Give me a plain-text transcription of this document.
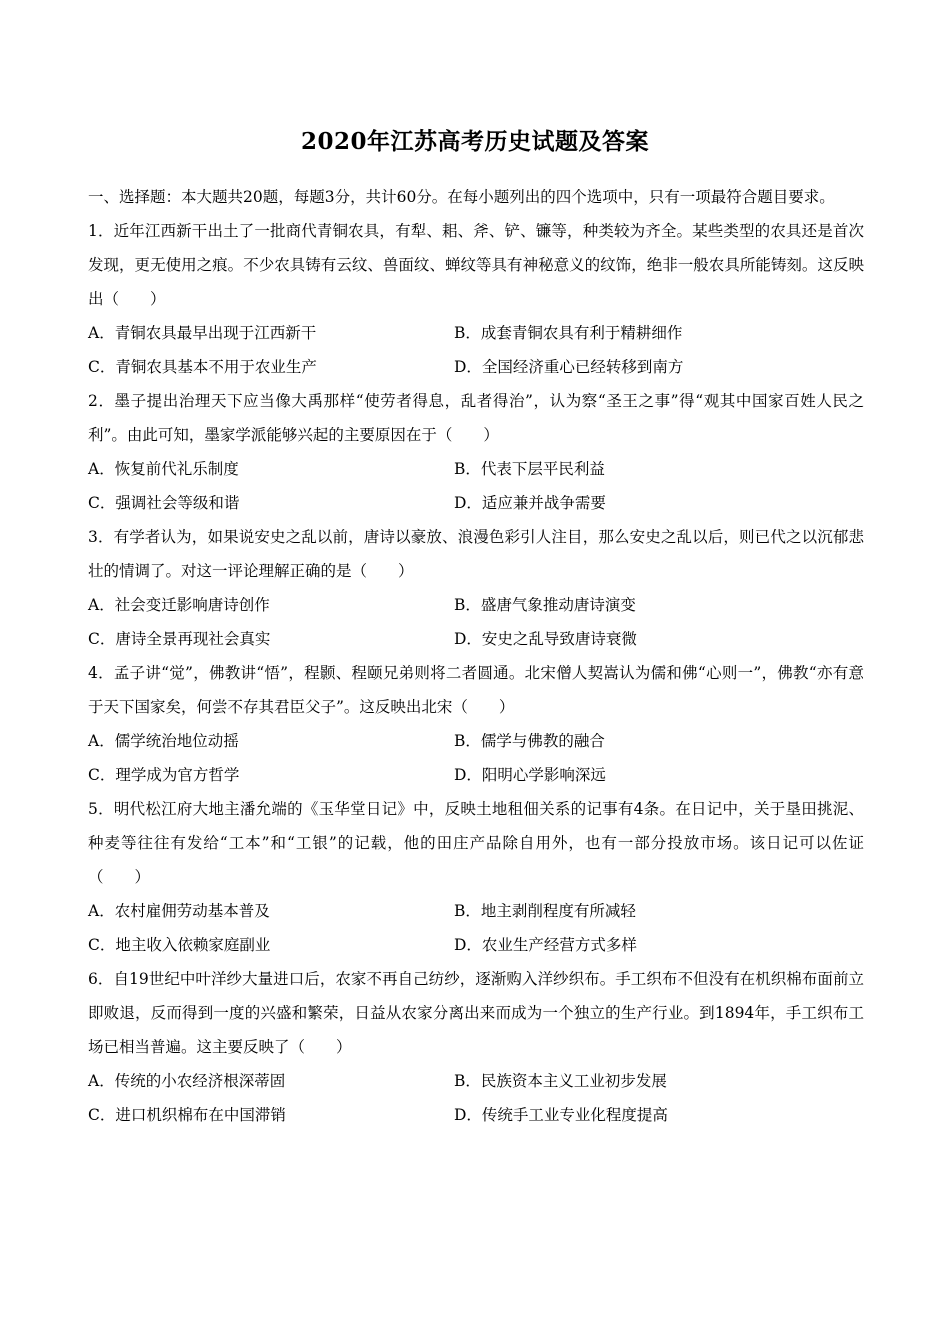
2020年江苏高考历史试题及答案

一、选择题：本大题共20题，每题3分，共计60分。在每小题列出的四个选项中，只有一项最符合题目要求。

1．近年江西新干出土了一批商代青铜农具，有犁、耜、斧、铲、镰等，种类较为齐全。某些类型的农具还是首次发现，更无使用之痕。不少农具铸有云纹、兽面纹、蝉纹等具有神秘意义的纹饰，绝非一般农具所能铸刻。这反映出（　　）

A．青铜农具最早出现于江西新干	B．成套青铜农具有利于精耕细作
C．青铜农具基本不用于农业生产	D．全国经济重心已经转移到南方

2．墨子提出治理天下应当像大禹那样“使劳者得息，乱者得治”，认为察“圣王之事”得“观其中国家百姓人民之利”。由此可知，墨家学派能够兴起的主要原因在于（　　）

A．恢复前代礼乐制度	B．代表下层平民利益
C．强调社会等级和谐	D．适应兼并战争需要

3．有学者认为，如果说安史之乱以前，唐诗以豪放、浪漫色彩引人注目，那么安史之乱以后，则已代之以沉郁悲壮的情调了。对这一评论理解正确的是（　　）

A．社会变迁影响唐诗创作	B．盛唐气象推动唐诗演变
C．唐诗全景再现社会真实	D．安史之乱导致唐诗衰微

4．孟子讲“觉”，佛教讲“悟”，程颢、程颐兄弟则将二者圆通。北宋僧人契嵩认为儒和佛“心则一”，佛教“亦有意于天下国家矣，何尝不存其君臣父子”。这反映出北宋（　　）

A．儒学统治地位动摇	B．儒学与佛教的融合
C．理学成为官方哲学	D．阳明心学影响深远

5．明代松江府大地主潘允端的《玉华堂日记》中，反映土地租佃关系的记事有4条。在日记中，关于垦田挑泥、种麦等往往有发给“工本”和“工银”的记载，他的田庄产品除自用外，也有一部分投放市场。该日记可以佐证（　　）

A．农村雇佣劳动基本普及	B．地主剥削程度有所减轻
C．地主收入依赖家庭副业	D．农业生产经营方式多样

6．自19世纪中叶洋纱大量进口后，农家不再自己纺纱，逐渐购入洋纱织布。手工织布不但没有在机织棉布面前立即败退，反而得到一度的兴盛和繁荣，日益从农家分离出来而成为一个独立的生产行业。到1894年，手工织布工场已相当普遍。这主要反映了（　　）

A．传统的小农经济根深蒂固	B．民族资本主义工业初步发展
C．进口机织棉布在中国滞销	D．传统手工业专业化程度提高
